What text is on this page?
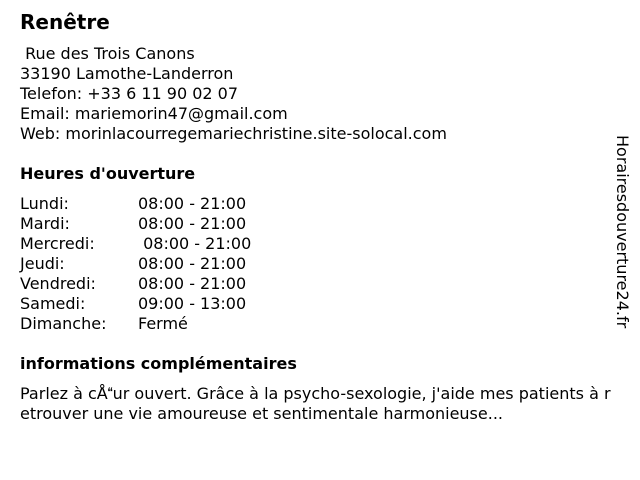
Renêtre
Rue des Trois Canons
33190 Lamothe-Landerron
Telefon: +33 6 11 90 02 07
Email: mariemorin47@gmail.com
Web: morinlacourregemariechristine.site-solocal.com
Heures d'ouverture
Lundi:	08:00 - 21:00
Mardi:	08:00 - 21:00
Mercredi:	08:00 - 21:00
Jeudi:	08:00 - 21:00
Vendredi:	08:00 - 21:00
Samedi:	09:00 - 13:00
Dimanche: Fermé
informations complémentaires
Parlez à cÅur ouvert. Grâce à la psycho-sexologie, j'aide mes patients à retrouver une vie amoureuse et sentimentale harmonieuse...
Horairesdouverture24.fr
